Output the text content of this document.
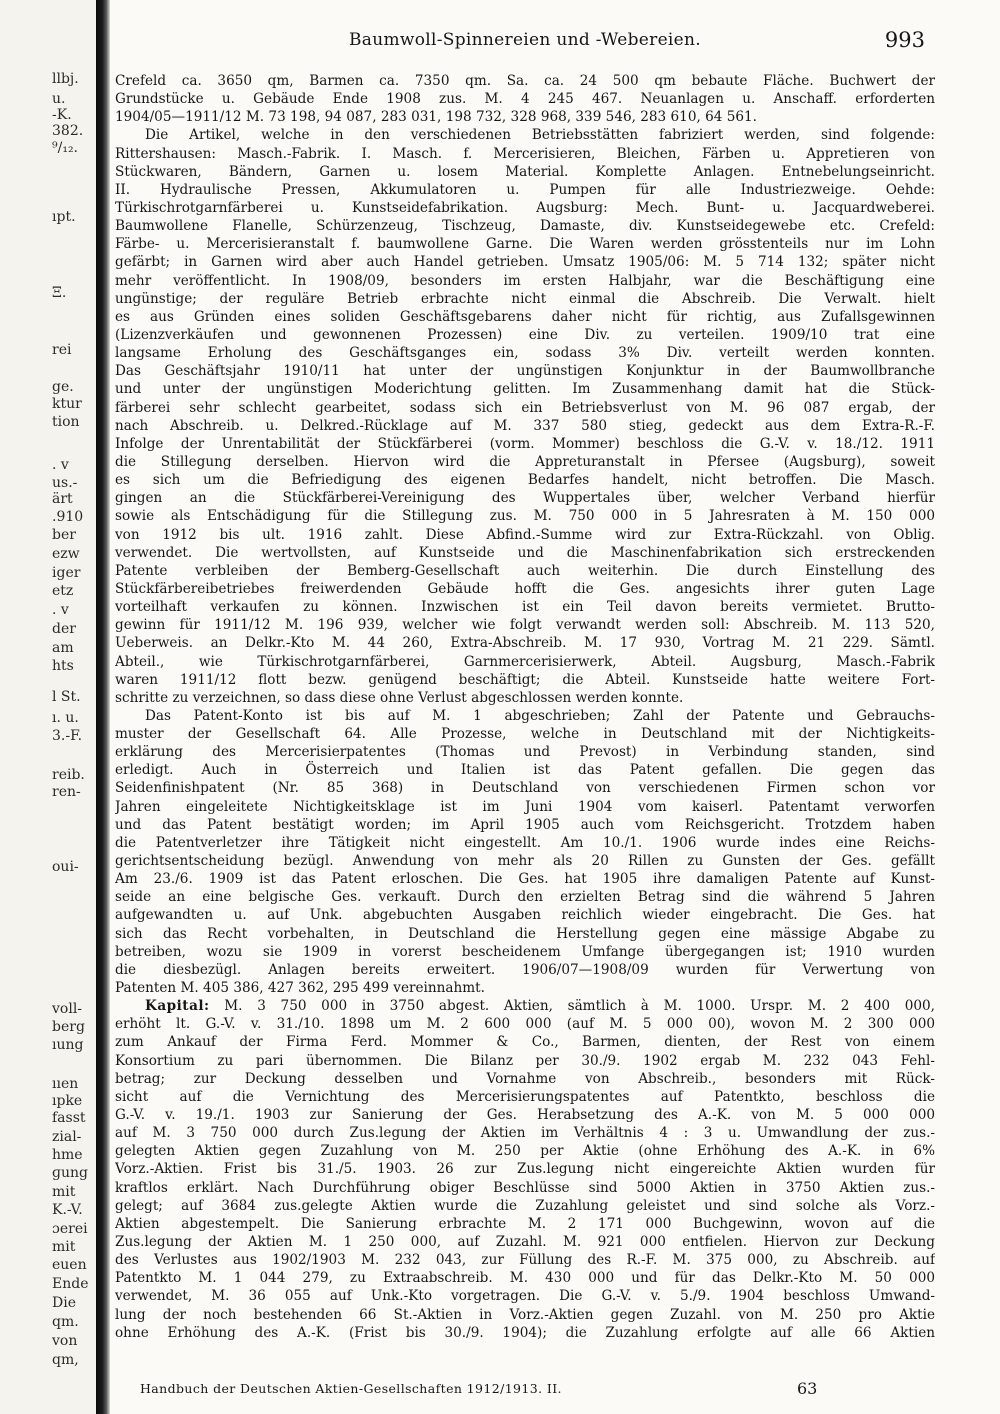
llbj.
u.
-K.
382.
⁹/₁₂.
ıpt.
Ξ.
rei
ge.
ktur
tion
. v
us.-
ärt
.910
ber
ezw
iger
etz
. v
der
am
hts
l St.
ı. u.
3.-F.
reib.
ren-
oui-
voll-
berg
ıung
ııen
ıpke
fasst
zial-
hme
ɡung
mit
K.-V.
ɔerei
mit
euen
Ende
Die
qm.
von
qm,
Baumwoll-Spinnereien und -Webereien.	993
Crefeld ca. 3650 qm, Barmen ca. 7350 qm. Sa. ca. 24 500 qm bebaute Fläche. Buchwert der
Grundstücke u. Gebäude Ende 1908 zus. M. 4 245 467. Neuanlagen u. Anschaff. erforderten
1904/05—1911/12 M. 73 198, 94 087, 283 031, 198 732, 328 968, 339 546, 283 610, 64 561.
Die Artikel, welche in den verschiedenen Betriebsstätten fabriziert werden, sind folgende:
Rittershausen: Masch.-Fabrik. I. Masch. f. Mercerisieren, Bleichen, Färben u. Appretieren von
Stückwaren, Bändern, Garnen u. losem Material. Komplette Anlagen. Entnebelungseinricht.
II. Hydraulische Pressen, Akkumulatoren u. Pumpen für alle Industriezweige. Oehde:
Türkischrotgarnfärberei u. Kunstseidefabrikation. Augsburg: Mech. Bunt- u. Jacquardweberei.
Baumwollene Flanelle, Schürzenzeug, Tischzeug, Damaste, div. Kunstseidegewebe etc. Crefeld:
Färbe- u. Mercerisieranstalt f. baumwollene Garne. Die Waren werden grösstenteils nur im Lohn
gefärbt; in Garnen wird aber auch Handel getrieben. Umsatz 1905/06: M. 5 714 132; später nicht
mehr veröffentlicht. In 1908/09, besonders im ersten Halbjahr, war die Beschäftigung eine
ungünstige; der reguläre Betrieb erbrachte nicht einmal die Abschreib. Die Verwalt. hielt
es aus Gründen eines soliden Geschäftsgebarens daher nicht für richtig, aus Zufallsgewinnen
(Lizenzverkäufen und gewonnenen Prozessen) eine Div. zu verteilen. 1909/10 trat eine
langsame Erholung des Geschäftsganges ein, sodass 3% Div. verteilt werden konnten.
Das Geschäftsjahr 1910/11 hat unter der ungünstigen Konjunktur in der Baumwollbranche
und unter der ungünstigen Moderichtung gelitten. Im Zusammenhang damit hat die Stück-
färberei sehr schlecht gearbeitet, sodass sich ein Betriebsverlust von M. 96 087 ergab, der
nach Abschreib. u. Delkred.-Rücklage auf M. 337 580 stieg, gedeckt aus dem Extra-R.-F.
Infolge der Unrentabilität der Stückfärberei (vorm. Mommer) beschloss die G.-V. v. 18./12. 1911
die Stillegung derselben. Hiervon wird die Appreturanstalt in Pfersee (Augsburg), soweit
es sich um die Befriedigung des eigenen Bedarfes handelt, nicht betroffen. Die Masch.
gingen an die Stückfärberei-Vereinigung des Wuppertales über, welcher Verband hierfür
sowie als Entschädigung für die Stillegung zus. M. 750 000 in 5 Jahresraten à M. 150 000
von 1912 bis ult. 1916 zahlt. Diese Abfind.-Summe wird zur Extra-Rückzahl. von Oblig.
verwendet. Die wertvollsten, auf Kunstseide und die Maschinenfabrikation sich erstreckenden
Patente verbleiben der Bemberg-Gesellschaft auch weiterhin. Die durch Einstellung des
Stückfärbereibetriebes freiwerdenden Gebäude hofft die Ges. angesichts ihrer guten Lage
vorteilhaft verkaufen zu können. Inzwischen ist ein Teil davon bereits vermietet. Brutto-
gewinn für 1911/12 M. 196 939, welcher wie folgt verwandt werden soll: Abschreib. M. 113 520,
Ueberweis. an Delkr.-Kto M. 44 260, Extra-Abschreib. M. 17 930, Vortrag M. 21 229. Sämtl.
Abteil., wie Türkischrotgarnfärberei, Garnmercerisierwerk, Abteil. Augsburg, Masch.-Fabrik
waren 1911/12 flott bezw. genügend beschäftigt; die Abteil. Kunstseide hatte weitere Fort-
schritte zu verzeichnen, so dass diese ohne Verlust abgeschlossen werden konnte.
Das Patent-Konto ist bis auf M. 1 abgeschrieben; Zahl der Patente und Gebrauchs-
muster der Gesellschaft 64. Alle Prozesse, welche in Deutschland mit der Nichtigkeits-
erklärung des Mercerisierpatentes (Thomas und Prevost) in Verbindung standen, sind
erledigt. Auch in Österreich und Italien ist das Patent gefallen. Die gegen das
Seidenfinishpatent (Nr. 85 368) in Deutschland von verschiedenen Firmen schon vor
Jahren eingeleitete Nichtigkeitsklage ist im Juni 1904 vom kaiserl. Patentamt verworfen
und das Patent bestätigt worden; im April 1905 auch vom Reichsgericht. Trotzdem haben
die Patentverletzer ihre Tätigkeit nicht eingestellt. Am 10./1. 1906 wurde indes eine Reichs-
gerichtsentscheidung bezügl. Anwendung von mehr als 20 Rillen zu Gunsten der Ges. gefällt
Am 23./6. 1909 ist das Patent erloschen. Die Ges. hat 1905 ihre damaligen Patente auf Kunst-
seide an eine belgische Ges. verkauft. Durch den erzielten Betrag sind die während 5 Jahren
aufgewandten u. auf Unk. abgebuchten Ausgaben reichlich wieder eingebracht. Die Ges. hat
sich das Recht vorbehalten, in Deutschland die Herstellung gegen eine mässige Abgabe zu
betreiben, wozu sie 1909 in vorerst bescheidenem Umfange übergegangen ist; 1910 wurden
die diesbezügl. Anlagen bereits erweitert. 1906/07—1908/09 wurden für Verwertung von
Patenten M. 405 386, 427 362, 295 499 vereinnahmt.
Kapital: M. 3 750 000 in 3750 abgest. Aktien, sämtlich à M. 1000. Urspr. M. 2 400 000,
erhöht lt. G.-V. v. 31./10. 1898 um M. 2 600 000 (auf M. 5 000 00), wovon M. 2 300 000
zum Ankauf der Firma Ferd. Mommer & Co., Barmen, dienten, der Rest von einem
Konsortium zu pari übernommen. Die Bilanz per 30./9. 1902 ergab M. 232 043 Fehl-
betrag; zur Deckung desselben und Vornahme von Abschreib., besonders mit Rück-
sicht auf die Vernichtung des Mercerisierungspatentes auf Patentkto, beschloss die
G.-V. v. 19./1. 1903 zur Sanierung der Ges. Herabsetzung des A.-K. von M. 5 000 000
auf M. 3 750 000 durch Zus.legung der Aktien im Verhältnis 4 : 3 u. Umwandlung der zus.-
gelegten Aktien gegen Zuzahlung von M. 250 per Aktie (ohne Erhöhung des A.-K. in 6%
Vorz.-Aktien. Frist bis 31./5. 1903. 26 zur Zus.legung nicht eingereichte Aktien wurden für
kraftlos erklärt. Nach Durchführung obiger Beschlüsse sind 5000 Aktien in 3750 Aktien zus.-
gelegt; auf 3684 zus.gelegte Aktien wurde die Zuzahlung geleistet und sind solche als Vorz.-
Aktien abgestempelt. Die Sanierung erbrachte M. 2 171 000 Buchgewinn, wovon auf die
Zus.legung der Aktien M. 1 250 000, auf Zuzahl. M. 921 000 entfielen. Hiervon zur Deckung
des Verlustes aus 1902/1903 M. 232 043, zur Füllung des R.-F. M. 375 000, zu Abschreib. auf
Patentkto M. 1 044 279, zu Extraabschreib. M. 430 000 und für das Delkr.-Kto M. 50 000
verwendet, M. 36 055 auf Unk.-Kto vorgetragen. Die G.-V. v. 5./9. 1904 beschloss Umwand-
lung der noch bestehenden 66 St.-Aktien in Vorz.-Aktien gegen Zuzahl. von M. 250 pro Aktie
ohne Erhöhung des A.-K. (Frist bis 30./9. 1904); die Zuzahlung erfolgte auf alle 66 Aktien
Handbuch der Deutschen Aktien-Gesellschaften 1912/1913. II.	63
